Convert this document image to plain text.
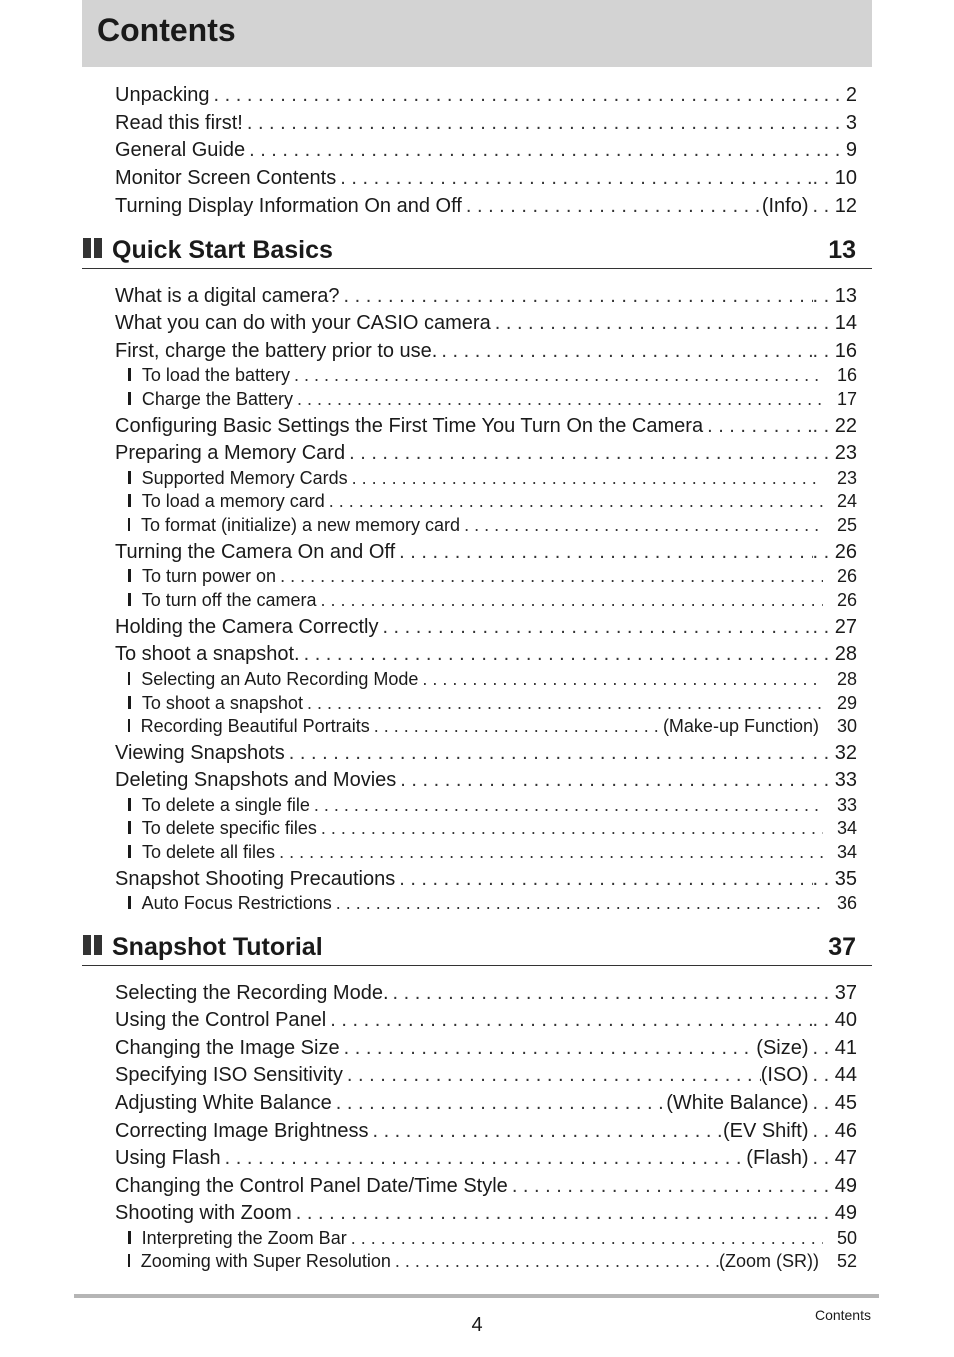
Contents
Unpacking . . .	. . 2
Read this first! . . .	. . 3
General Guide . . .	. . 9
Monitor Screen Contents . . .	. . 10
Turning Display Information On and Off . . .	(Info)	. . 12
Quick Start Basics	13
What is a digital camera? . . .	. . 13
What you can do with your CASIO camera . . .	. . 14
First, charge the battery prior to use. . . .	. . 16
To load the battery . . .	16
Charge the Battery . . .	17
Configuring Basic Settings the First Time You Turn On the Camera . . .	. . 22
Preparing a Memory Card . . .	. . 23
Supported Memory Cards . . .	23
To load a memory card . . .	24
To format (initialize) a new memory card . . .	25
Turning the Camera On and Off . . .	. . 26
To turn power on . . .	26
To turn off the camera . . .	26
Holding the Camera Correctly . . .	. . 27
To shoot a snapshot. . . .	. . 28
Selecting an Auto Recording Mode . . .	28
To shoot a snapshot . . .	29
Recording Beautiful Portraits . . .	(Make-up Function) 30
Viewing Snapshots . . .	. . 32
Deleting Snapshots and Movies . . .	. . 33
To delete a single file . . .	33
To delete specific files . . .	34
To delete all files . . .	34
Snapshot Shooting Precautions . . .	. . 35
Auto Focus Restrictions . . .	36
Snapshot Tutorial	37
Selecting the Recording Mode. . . .	. . 37
Using the Control Panel . . .	. . 40
Changing the Image Size . . .	(Size)	. . 41
Specifying ISO Sensitivity . . .	(ISO)	. . 44
Adjusting White Balance . . .	(White Balance)	. . 45
Correcting Image Brightness . . .	(EV Shift)	. . 46
Using Flash . . .	(Flash)	. . 47
Changing the Control Panel Date/Time Style . . .	. . 49
Shooting with Zoom . . .	. . 49
Interpreting the Zoom Bar . . .	50
Zooming with Super Resolution . . .	(Zoom (SR)) 52
4	Contents
